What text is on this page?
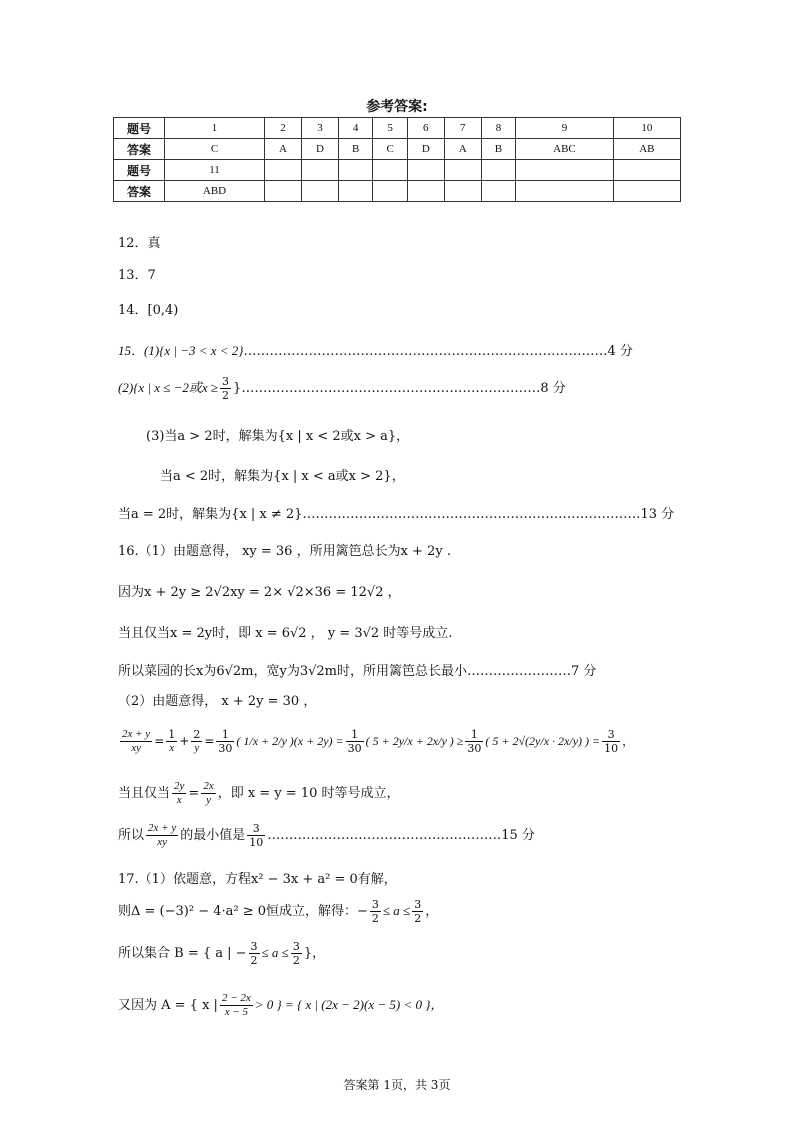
参考答案:
题号	1	2	3	4	5	6	7	8	9	10
答案	C	A	D	B	C	D	A	B	ABC	AB
题号	11									
答案	ABD									
12．真
13．7
14．[0,4)
15．(1){x | −3 < x < 2}…………………………………………………………………………4 分
(2){x | x ≤ −2或$x \ge \frac{3}{2}$ }……………………………………………………………8 分
(3)当a > 2时，解集为{x | x < 2或x > a}，
当a < 2时，解集为{x | x < a或x > 2}，
当a = 2时，解集为{x | x ≠ 2}……………………………………………………………………13 分
16.（1）由题意得， xy = 36 ，所用篱笆总长为x + 2y .
因为x + 2y ≥ 2√2xy = 2× √2×36 = 12√2 ，
当且仅当x = 2y时，即 x = 6√2 ， y = 3√2 时等号成立.
所以菜园的长x为6√2m，宽y为3√2m时，所用篱笆总长最小……………………7 分
（2）由题意得， x + 2y = 30 ，
$\frac{2x + y}{xy} = \frac{1}{x} + \frac{2}{y} = \frac{1}{30}$ ( 1/x + 2/y )$(x + 2y) = \frac{1}{30}$ ( 5 + 2y/x + 2x/y ) ≥ $\frac{1}{30}$ ( 5 + 2√(2y/x · 2x/y) ) = $\frac{3}{10}$ ，
当且仅当 $\frac{2y}{x} = \frac{2x}{y}$ ，即 x = y = 10 时等号成立，
所以 $\frac{2x + y}{xy}$ 的最小值是 $\frac{3}{10}$ ………………………………………………15 分
17.（1）依题意，方程x² − 3x + a² = 0有解，
则Δ = (−3)² − 4·a² ≥ 0恒成立，解得：− $\frac{3}{2} \le a \le \frac{3}{2}$ ，
所以集合 B = { a | − $\frac{3}{2} \le a \le \frac{3}{2}$ }，
又因为 A = { x | $\frac{2 - 2x}{x - 5} > 0$ } = { x | (2x − 2)(x − 5) < 0 }，
答案第 1页，共 3页
